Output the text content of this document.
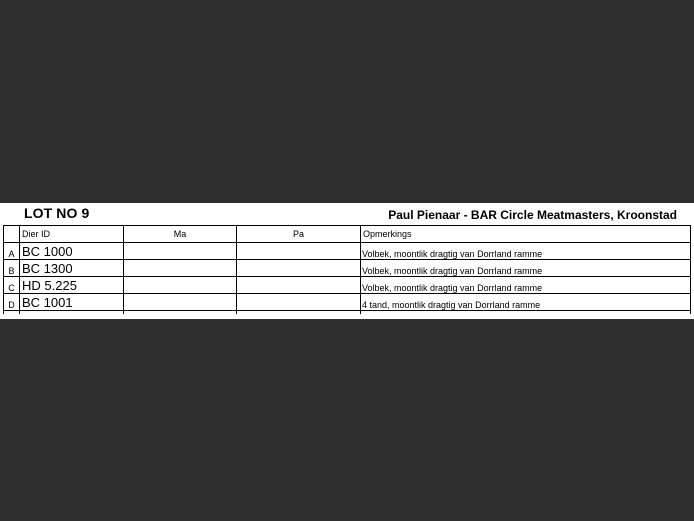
LOT NO 9	Paul Pienaar - BAR Circle Meatmasters, Kroonstad
	Dier ID	Ma	Pa	Opmerkings
A	BC 1000			Volbek, moontlik dragtig van Dorrland ramme
B	BC 1300			Volbek, moontlik dragtig van Dorrland ramme
C	HD 5.225			Volbek, moontlik dragtig van Dorrland ramme
D	BC 1001			4 tand, moontlik dragtig van Dorrland ramme
